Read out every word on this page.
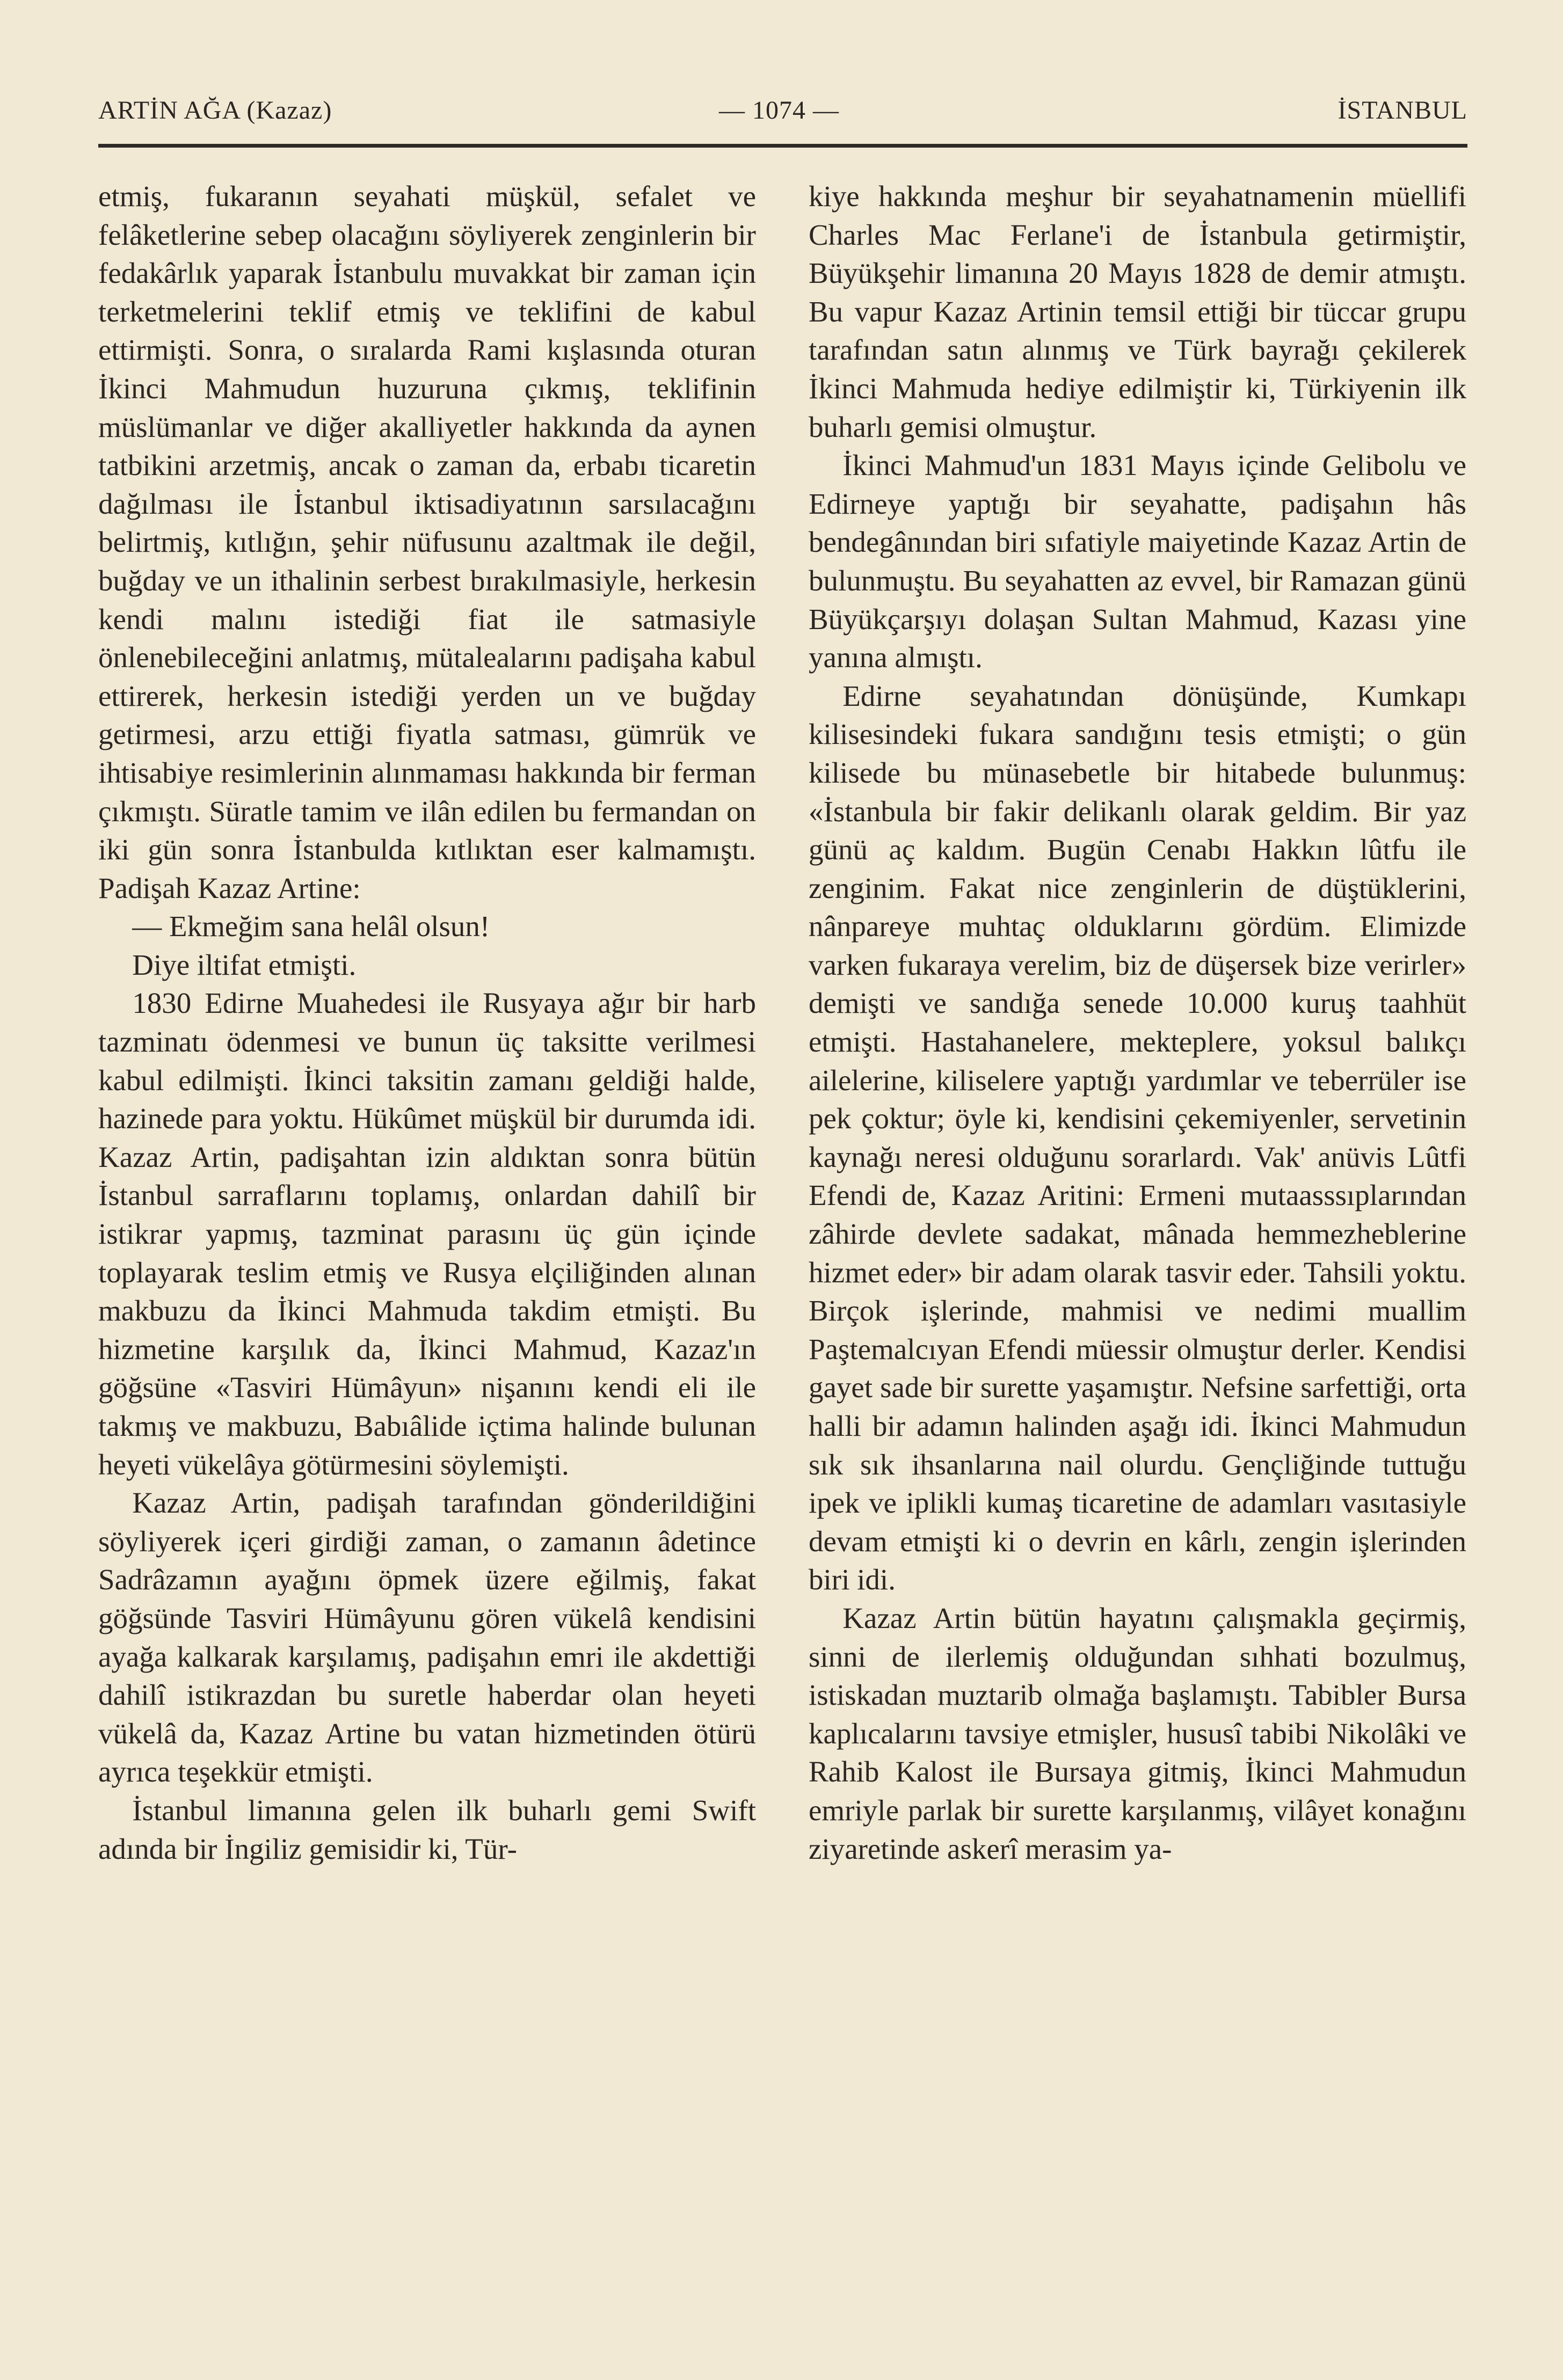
ARTİN AĞA (Kazaz)	— 1074 —	İSTANBUL

etmiş, fukaranın seyahati müşkül, sefalet ve felâketlerine sebep olacağını söyliyerek zenginlerin bir fedakârlık yaparak İstanbulu muvakkat bir zaman için terketmelerini teklif etmiş ve teklifini de kabul ettirmişti. Sonra, o sıralarda Rami kışlasında oturan İkinci Mahmudun huzuruna çıkmış, teklifinin müslümanlar ve diğer akalliyetler hakkında da aynen tatbikini arzetmiş, ancak o zaman da, erbabı ticaretin dağılması ile İstanbul iktisadiyatının sarsılacağını belirtmiş, kıtlığın, şehir nüfusunu azaltmak ile değil, buğday ve un ithalinin serbest bırakılmasiyle, herkesin kendi malını istediği fiat ile satmasiyle önlenebileceğini anlatmış, mütalealarını padişaha kabul ettirerek, herkesin istediği yerden un ve buğday getirmesi, arzu ettiği fiyatla satması, gümrük ve ihtisabiye resimlerinin alınmaması hakkında bir ferman çıkmıştı. Süratle tamim ve ilân edilen bu fermandan on iki gün sonra İstanbulda kıtlıktan eser kalmamıştı. Padişah Kazaz Artine:

— Ekmeğim sana helâl olsun!

Diye iltifat etmişti.

1830 Edirne Muahedesi ile Rusyaya ağır bir harb tazminatı ödenmesi ve bunun üç taksitte verilmesi kabul edilmişti. İkinci taksitin zamanı geldiği halde, hazinede para yoktu. Hükûmet müşkül bir durumda idi. Kazaz Artin, padişahtan izin aldıktan sonra bütün İstanbul sarraflarını toplamış, onlardan dahilî bir istikrar yapmış, tazminat parasını üç gün içinde toplayarak teslim etmiş ve Rusya elçiliğinden alınan makbuzu da İkinci Mahmuda takdim etmişti. Bu hizmetine karşılık da, İkinci Mahmud, Kazaz'ın göğsüne «Tasviri Hümâyun» nişanını kendi eli ile takmış ve makbuzu, Babıâlide içtima halinde bulunan heyeti vükelâya götürmesini söylemişti.

Kazaz Artin, padişah tarafından gönderildiğini söyliyerek içeri girdiği zaman, o zamanın âdetince Sadrâzamın ayağını öpmek üzere eğilmiş, fakat göğsünde Tasviri Hümâyunu gören vükelâ kendisini ayağa kalkarak karşılamış, padişahın emri ile akdettiği dahilî istikrazdan bu suretle haberdar olan heyeti vükelâ da, Kazaz Artine bu vatan hizmetinden ötürü ayrıca teşekkür etmişti.

İstanbul limanına gelen ilk buharlı gemi Swift adında bir İngiliz gemisidir ki, Tür-

kiye hakkında meşhur bir seyahatnamenin müellifi Charles Mac Ferlane'i de İstanbula getirmiştir, Büyükşehir limanına 20 Mayıs 1828 de demir atmıştı. Bu vapur Kazaz Artinin temsil ettiği bir tüccar grupu tarafından satın alınmış ve Türk bayrağı çekilerek İkinci Mahmuda hediye edilmiştir ki, Türkiyenin ilk buharlı gemisi olmuştur.

İkinci Mahmud'un 1831 Mayıs içinde Gelibolu ve Edirneye yaptığı bir seyahatte, padişahın hâs bendegânından biri sıfatiyle maiyetinde Kazaz Artin de bulunmuştu. Bu seyahatten az evvel, bir Ramazan günü Büyükçarşıyı dolaşan Sultan Mahmud, Kazası yine yanına almıştı.

Edirne seyahatından dönüşünde, Kumkapı kilisesindeki fukara sandığını tesis etmişti; o gün kilisede bu münasebetle bir hitabede bulunmuş: «İstanbula bir fakir delikanlı olarak geldim. Bir yaz günü aç kaldım. Bugün Cenabı Hakkın lûtfu ile zenginim. Fakat nice zenginlerin de düştüklerini, nânpareye muhtaç olduklarını gördüm. Elimizde varken fukaraya verelim, biz de düşersek bize verirler» demişti ve sandığa senede 10.000 kuruş taahhüt etmişti. Hastahanelere, mekteplere, yoksul balıkçı ailelerine, kiliselere yaptığı yardımlar ve teberrüler ise pek çoktur; öyle ki, kendisini çekemiyenler, servetinin kaynağı neresi olduğunu sorarlardı. Vak' anüvis Lûtfi Efendi de, Kazaz Aritini: Ermeni mutaasssıplarından zâhirde devlete sadakat, mânada hemmezheblerine hizmet eder» bir adam olarak tasvir eder. Tahsili yoktu. Birçok işlerinde, mahmisi ve nedimi muallim Paştemalcıyan Efendi müessir olmuştur derler. Kendisi gayet sade bir surette yaşamıştır. Nefsine sarfettiği, orta halli bir adamın halinden aşağı idi. İkinci Mahmudun sık sık ihsanlarına nail olurdu. Gençliğinde tuttuğu ipek ve iplikli kumaş ticaretine de adamları vasıtasiyle devam etmişti ki o devrin en kârlı, zengin işlerinden biri idi.

Kazaz Artin bütün hayatını çalışmakla geçirmiş, sinni de ilerlemiş olduğundan sıhhati bozulmuş, istiskadan muztarib olmağa başlamıştı. Tabibler Bursa kaplıcalarını tavsiye etmişler, hususî tabibi Nikolâki ve Rahib Kalost ile Bursaya gitmiş, İkinci Mahmudun emriyle parlak bir surette karşılanmış, vilâyet konağını ziyaretinde askerî merasim ya-
